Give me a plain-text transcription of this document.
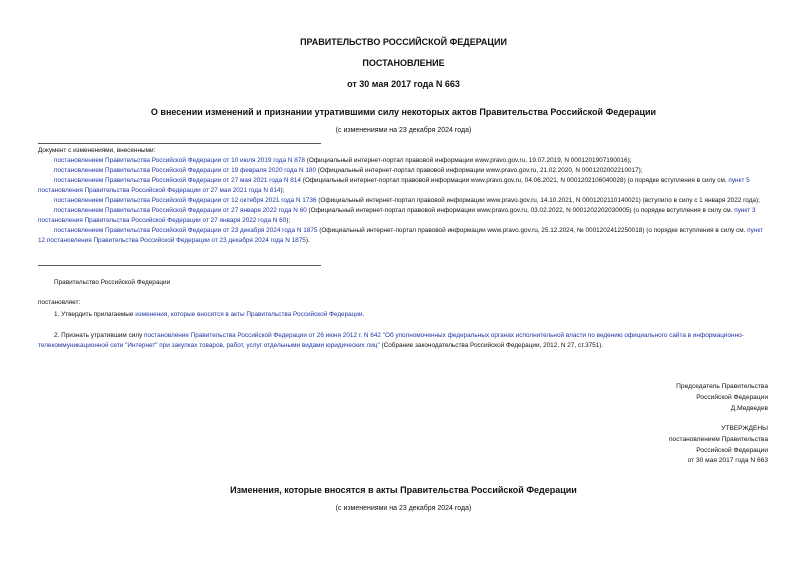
ПРАВИТЕЛЬСТВО РОССИЙСКОЙ ФЕДЕРАЦИИ
ПОСТАНОВЛЕНИЕ
от 30 мая 2017 года N 663
О внесении изменений и признании утратившими силу некоторых актов Правительства Российской Федерации
(с изменениями на 23 декабря 2024 года)

Документ с изменениями, внесенными:

постановлением Правительства Российской Федерации от 10 июля 2019 года N 878 (Официальный интернет-портал правовой информации www.pravo.gov.ru, 19.07.2019, N 0001201907190016);

постановлением Правительства Российской Федерации от 19 февраля 2020 года N 180 (Официальный интернет-портал правовой информации www.pravo.gov.ru, 21.02.2020, N 0001202002210017);

постановлением Правительства Российской Федерации от 27 мая 2021 года N 814 (Официальный интернет-портал правовой информации www.pravo.gov.ru, 04.06.2021, N 0001202106040028) (о порядке вступления в силу см. пункт 5 постановления Правительства Российской Федерации от 27 мая 2021 года N 814);

постановлением Правительства Российской Федерации от 12 октября 2021 года N 1736 (Официальный интернет-портал правовой информации www.pravo.gov.ru, 14.10.2021, N 0001202110140021) (вступило в силу с 1 января 2022 года);

постановлением Правительства Российской Федерации от 27 января 2022 года N 60 (Официальный интернет-портал правовой информации www.pravo.gov.ru, 03.02.2022, N 0001202202030005) (о порядке вступления в силу см. пункт 3 постановления Правительства Российской Федерации от 27 января 2022 года N 60);

постановлением Правительства Российской Федерации от 23 декабря 2024 года N 1875 (Официальный интернет-портал правовой информации www.pravo.gov.ru, 25.12.2024, № 0001202412250018) (о порядке вступления в силу см. пункт 12 постановления Правительства Российской Федерации от 23 декабря 2024 года N 1875).

Правительство Российской Федерации
постановляет:
1. Утвердить прилагаемые изменения, которые вносятся в акты Правительства Российской Федерации.
2. Признать утратившим силу постановление Правительства Российской Федерации от 26 июня 2012 г. N 642 "Об уполномоченных федеральных органах исполнительной власти по ведению официального сайта в информационно-телекоммуникационной сети "Интернет" при закупках товаров, работ, услуг отдельными видами юридических лиц" (Собрание законодательства Российской Федерации, 2012, N 27, ст.3751).
Председатель Правительства
Российской Федерации
Д.Медведев
УТВЕРЖДЕНЫ
постановлением Правительства
Российской Федерации
от 30 мая 2017 года N 663
Изменения, которые вносятся в акты Правительства Российской Федерации
(с изменениями на 23 декабря 2024 года)
